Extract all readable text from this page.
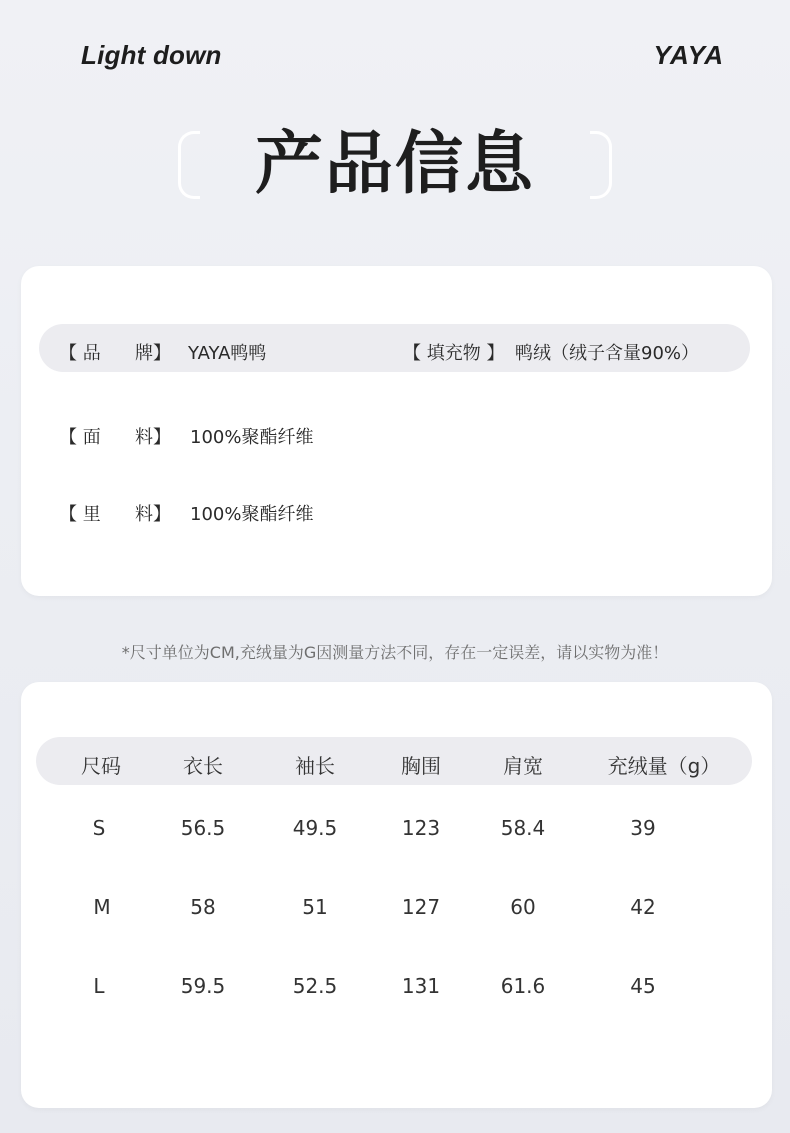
Light down	YAYA
产品信息
【 品      牌】 YAYA鸭鸭	【 填充物 】 鸭绒（绒子含量90%）
【 面      料】 100%聚酯纤维
【 里      料】 100%聚酯纤维
*尺寸单位为CM,充绒量为G因测量方法不同，存在一定误差，请以实物为准！
尺码	衣长	袖长	胸围	肩宽	充绒量（g）
S	56.5	49.5	123	58.4	39
M	58	51	127	60	42
L	59.5	52.5	131	61.6	45
